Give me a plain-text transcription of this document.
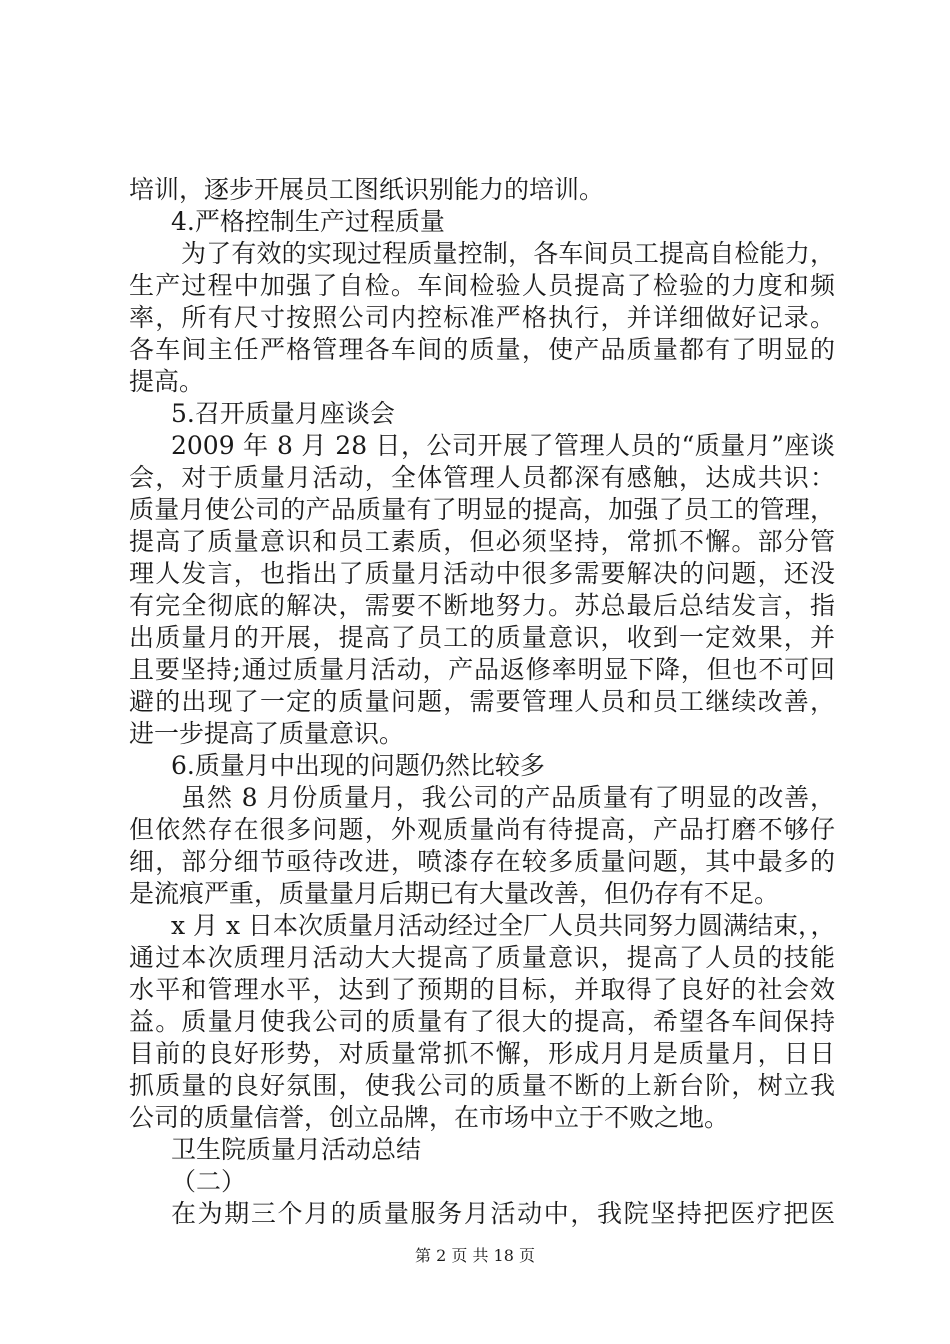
培训，逐步开展员工图纸识别能力的培训。
4.严格控制生产过程质量
为了有效的实现过程质量控制，各车间员工提高自检能力，
生产过程中加强了自检。车间检验人员提高了检验的力度和频
率，所有尺寸按照公司内控标准严格执行，并详细做好记录。
各车间主任严格管理各车间的质量，使产品质量都有了明显的
提高。
5.召开质量月座谈会
2009 年 8 月 28 日，公司开展了管理人员的“质量月”座谈
会，对于质量月活动，全体管理人员都深有感触，达成共识：
质量月使公司的产品质量有了明显的提高，加强了员工的管理，
提高了质量意识和员工素质，但必须坚持，常抓不懈。部分管
理人发言，也指出了质量月活动中很多需要解决的问题，还没
有完全彻底的解决，需要不断地努力。苏总最后总结发言，指
出质量月的开展，提高了员工的质量意识，收到一定效果，并
且要坚持;通过质量月活动，产品返修率明显下降，但也不可回
避的出现了一定的质量问题，需要管理人员和员工继续改善，
进一步提高了质量意识。
6.质量月中出现的问题仍然比较多
虽然 8 月份质量月，我公司的产品质量有了明显的改善，
但依然存在很多问题，外观质量尚有待提高，产品打磨不够仔
细，部分细节亟待改进，喷漆存在较多质量问题，其中最多的
是流痕严重，质量量月后期已有大量改善，但仍存有不足。
x 月 x 日本次质量月活动经过全厂人员共同努力圆满结束，，
通过本次质理月活动大大提高了质量意识，提高了人员的技能
水平和管理水平，达到了预期的目标，并取得了良好的社会效
益。质量月使我公司的质量有了很大的提高，希望各车间保持
目前的良好形势，对质量常抓不懈，形成月月是质量月，日日
抓质量的良好氛围，使我公司的质量不断的上新台阶，树立我
公司的质量信誉，创立品牌，在市场中立于不败之地。
卫生院质量月活动总结
（二）
在为期三个月的质量服务月活动中，我院坚持把医疗把医
第 2 页 共 18 页
